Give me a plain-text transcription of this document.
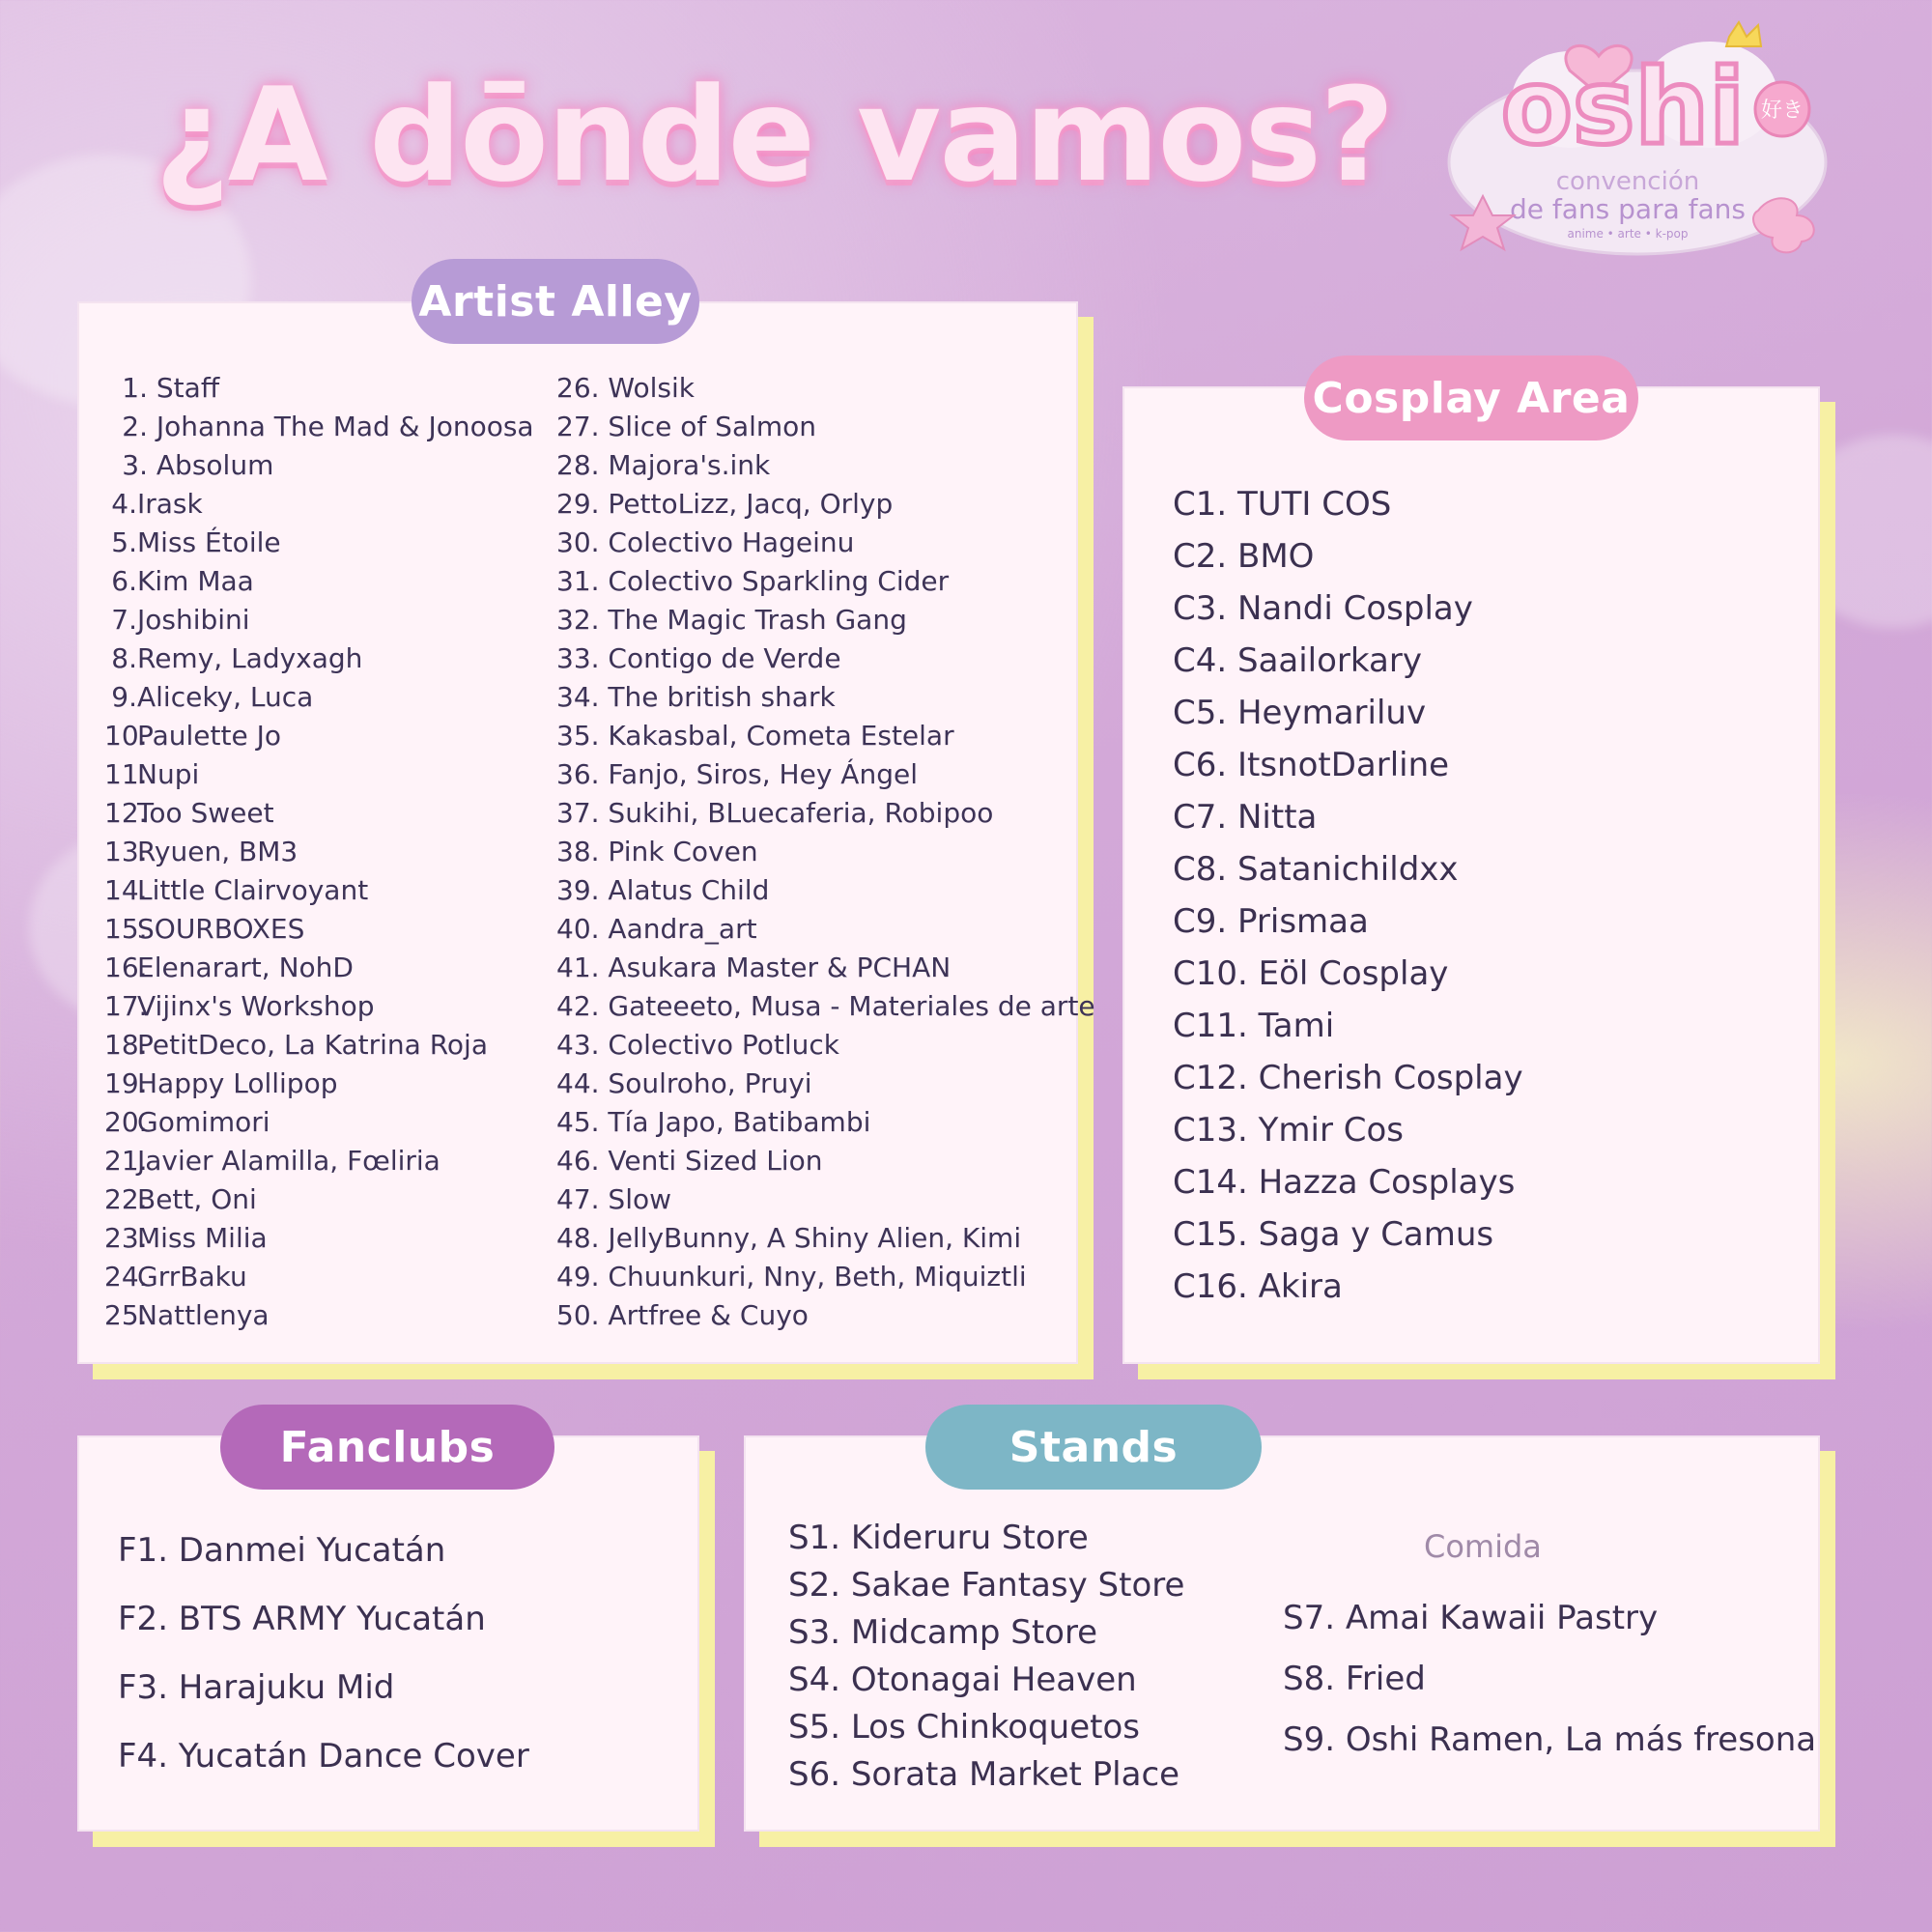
¿A dōnde vamos?	好き
oshi
convención
de fans para fans
anime • arte • k-pop
Artist Alley
1. Staff
2. Johanna The Mad & Jonoosa
3. Absolum
4.Irask
5.Miss Étoile
6.Kim Maa
7.Joshibini
8.Remy, Ladyxagh
9.Aliceky, Luca
10.Paulette Jo
11.Nupi
12.Too Sweet
13.Ryuen, BM3
14.Little Clairvoyant
15.SOURBOXES
16.Elenarart, NohD
17.Vijinx's Workshop
18.PetitDeco, La Katrina Roja
19.Happy Lollipop
20.Gomimori
21.Javier Alamilla, Fœliria
22.Bett, Oni
23.Miss Milia
24.GrrBaku
25.Nattlenya
26. Wolsik
27. Slice of Salmon
28. Majora's.ink
29. PettoLizz, Jacq, Orlyp
30. Colectivo Hageinu
31. Colectivo Sparkling Cider
32. The Magic Trash Gang
33. Contigo de Verde
34. The british shark
35. Kakasbal, Cometa Estelar
36. Fanjo, Siros, Hey Ángel
37. Sukihi, BLuecaferia, Robipoo
38. Pink Coven
39. Alatus Child
40. Aandra_art
41. Asukara Master & PCHAN
42. Gateeeto, Musa - Materiales de arte
43. Colectivo Potluck
44. Soulroho, Pruyi
45. Tía Japo, Batibambi
46. Venti Sized Lion
47. Slow
48. JellyBunny, A Shiny Alien, Kimi
49. Chuunkuri, Nny, Beth, Miquiztli
50. Artfree & Cuyo
Cosplay Area
C1. TUTI COS
C2. BMO
C3. Nandi Cosplay
C4. Saailorkary
C5. Heymariluv
C6. ItsnotDarline
C7. Nitta
C8. Satanichildxx
C9. Prismaa
C10. Eöl Cosplay
C11. Tami
C12. Cherish Cosplay
C13. Ymir Cos
C14. Hazza Cosplays
C15. Saga y Camus
C16. Akira
Fanclubs
F1. Danmei Yucatán
F2. BTS ARMY Yucatán
F3. Harajuku Mid
F4. Yucatán Dance Cover
Stands
S1. Kideruru Store
S2. Sakae Fantasy Store
S3. Midcamp Store
S4. Otonagai Heaven
S5. Los Chinkoquetos
S6. Sorata Market Place
Comida
S7. Amai Kawaii Pastry
S8. Fried
S9. Oshi Ramen, La más fresona
